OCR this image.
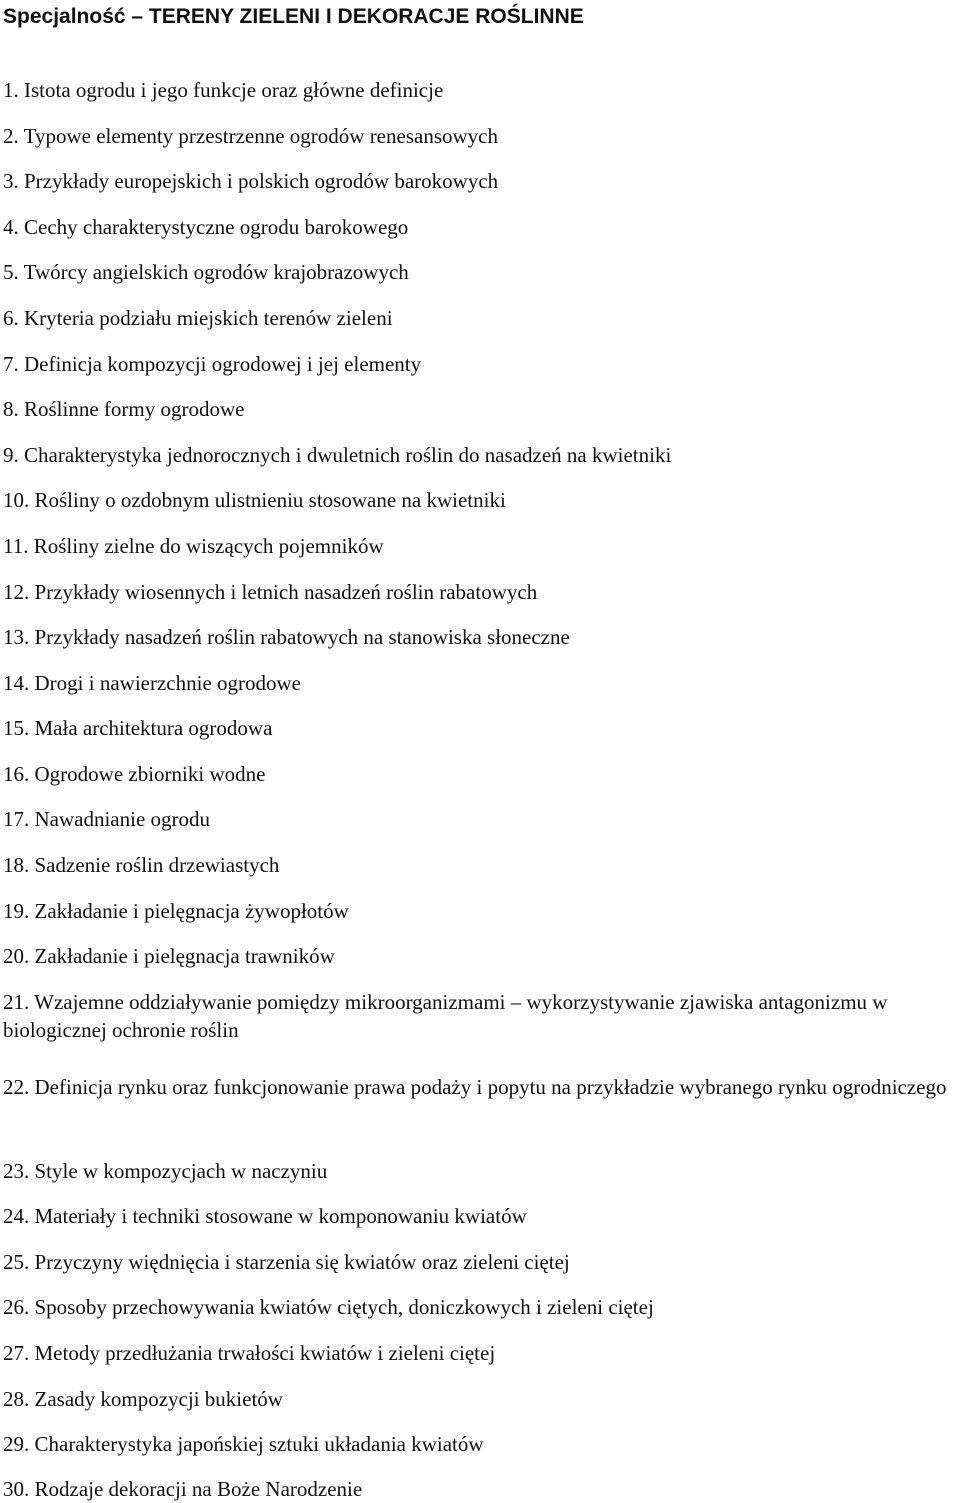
Specjalność – TERENY ZIELENI I DEKORACJE ROŚLINNE

1. Istota ogrodu i jego funkcje oraz główne definicje

2. Typowe elementy przestrzenne ogrodów renesansowych

3. Przykłady europejskich i polskich ogrodów barokowych

4. Cechy charakterystyczne ogrodu barokowego

5. Twórcy angielskich ogrodów krajobrazowych

6. Kryteria podziału miejskich terenów zieleni

7. Definicja kompozycji ogrodowej i jej elementy

8. Roślinne formy ogrodowe

9. Charakterystyka jednorocznych i dwuletnich roślin do nasadzeń na kwietniki

10. Rośliny o ozdobnym ulistnieniu stosowane na kwietniki

11. Rośliny zielne do wiszących pojemników

12. Przykłady wiosennych i letnich nasadzeń roślin rabatowych

13. Przykłady nasadzeń roślin rabatowych na stanowiska słoneczne

14. Drogi i nawierzchnie ogrodowe

15. Mała architektura ogrodowa

16. Ogrodowe zbiorniki wodne

17. Nawadnianie ogrodu

18. Sadzenie roślin drzewiastych

19. Zakładanie i pielęgnacja żywopłotów

20. Zakładanie i pielęgnacja trawników

21. Wzajemne oddziaływanie pomiędzy mikroorganizmami – wykorzystywanie zjawiska antagonizmu w biologicznej ochronie roślin

22. Definicja rynku oraz funkcjonowanie prawa podaży i popytu na przykładzie wybranego rynku ogrodniczego

23. Style w kompozycjach w naczyniu

24. Materiały i techniki stosowane w komponowaniu kwiatów

25. Przyczyny więdnięcia i starzenia się kwiatów oraz zieleni ciętej

26. Sposoby przechowywania kwiatów ciętych, doniczkowych i zieleni ciętej

27. Metody przedłużania trwałości kwiatów i zieleni ciętej

28. Zasady kompozycji bukietów

29. Charakterystyka japońskiej sztuki układania kwiatów

30. Rodzaje dekoracji na Boże Narodzenie
